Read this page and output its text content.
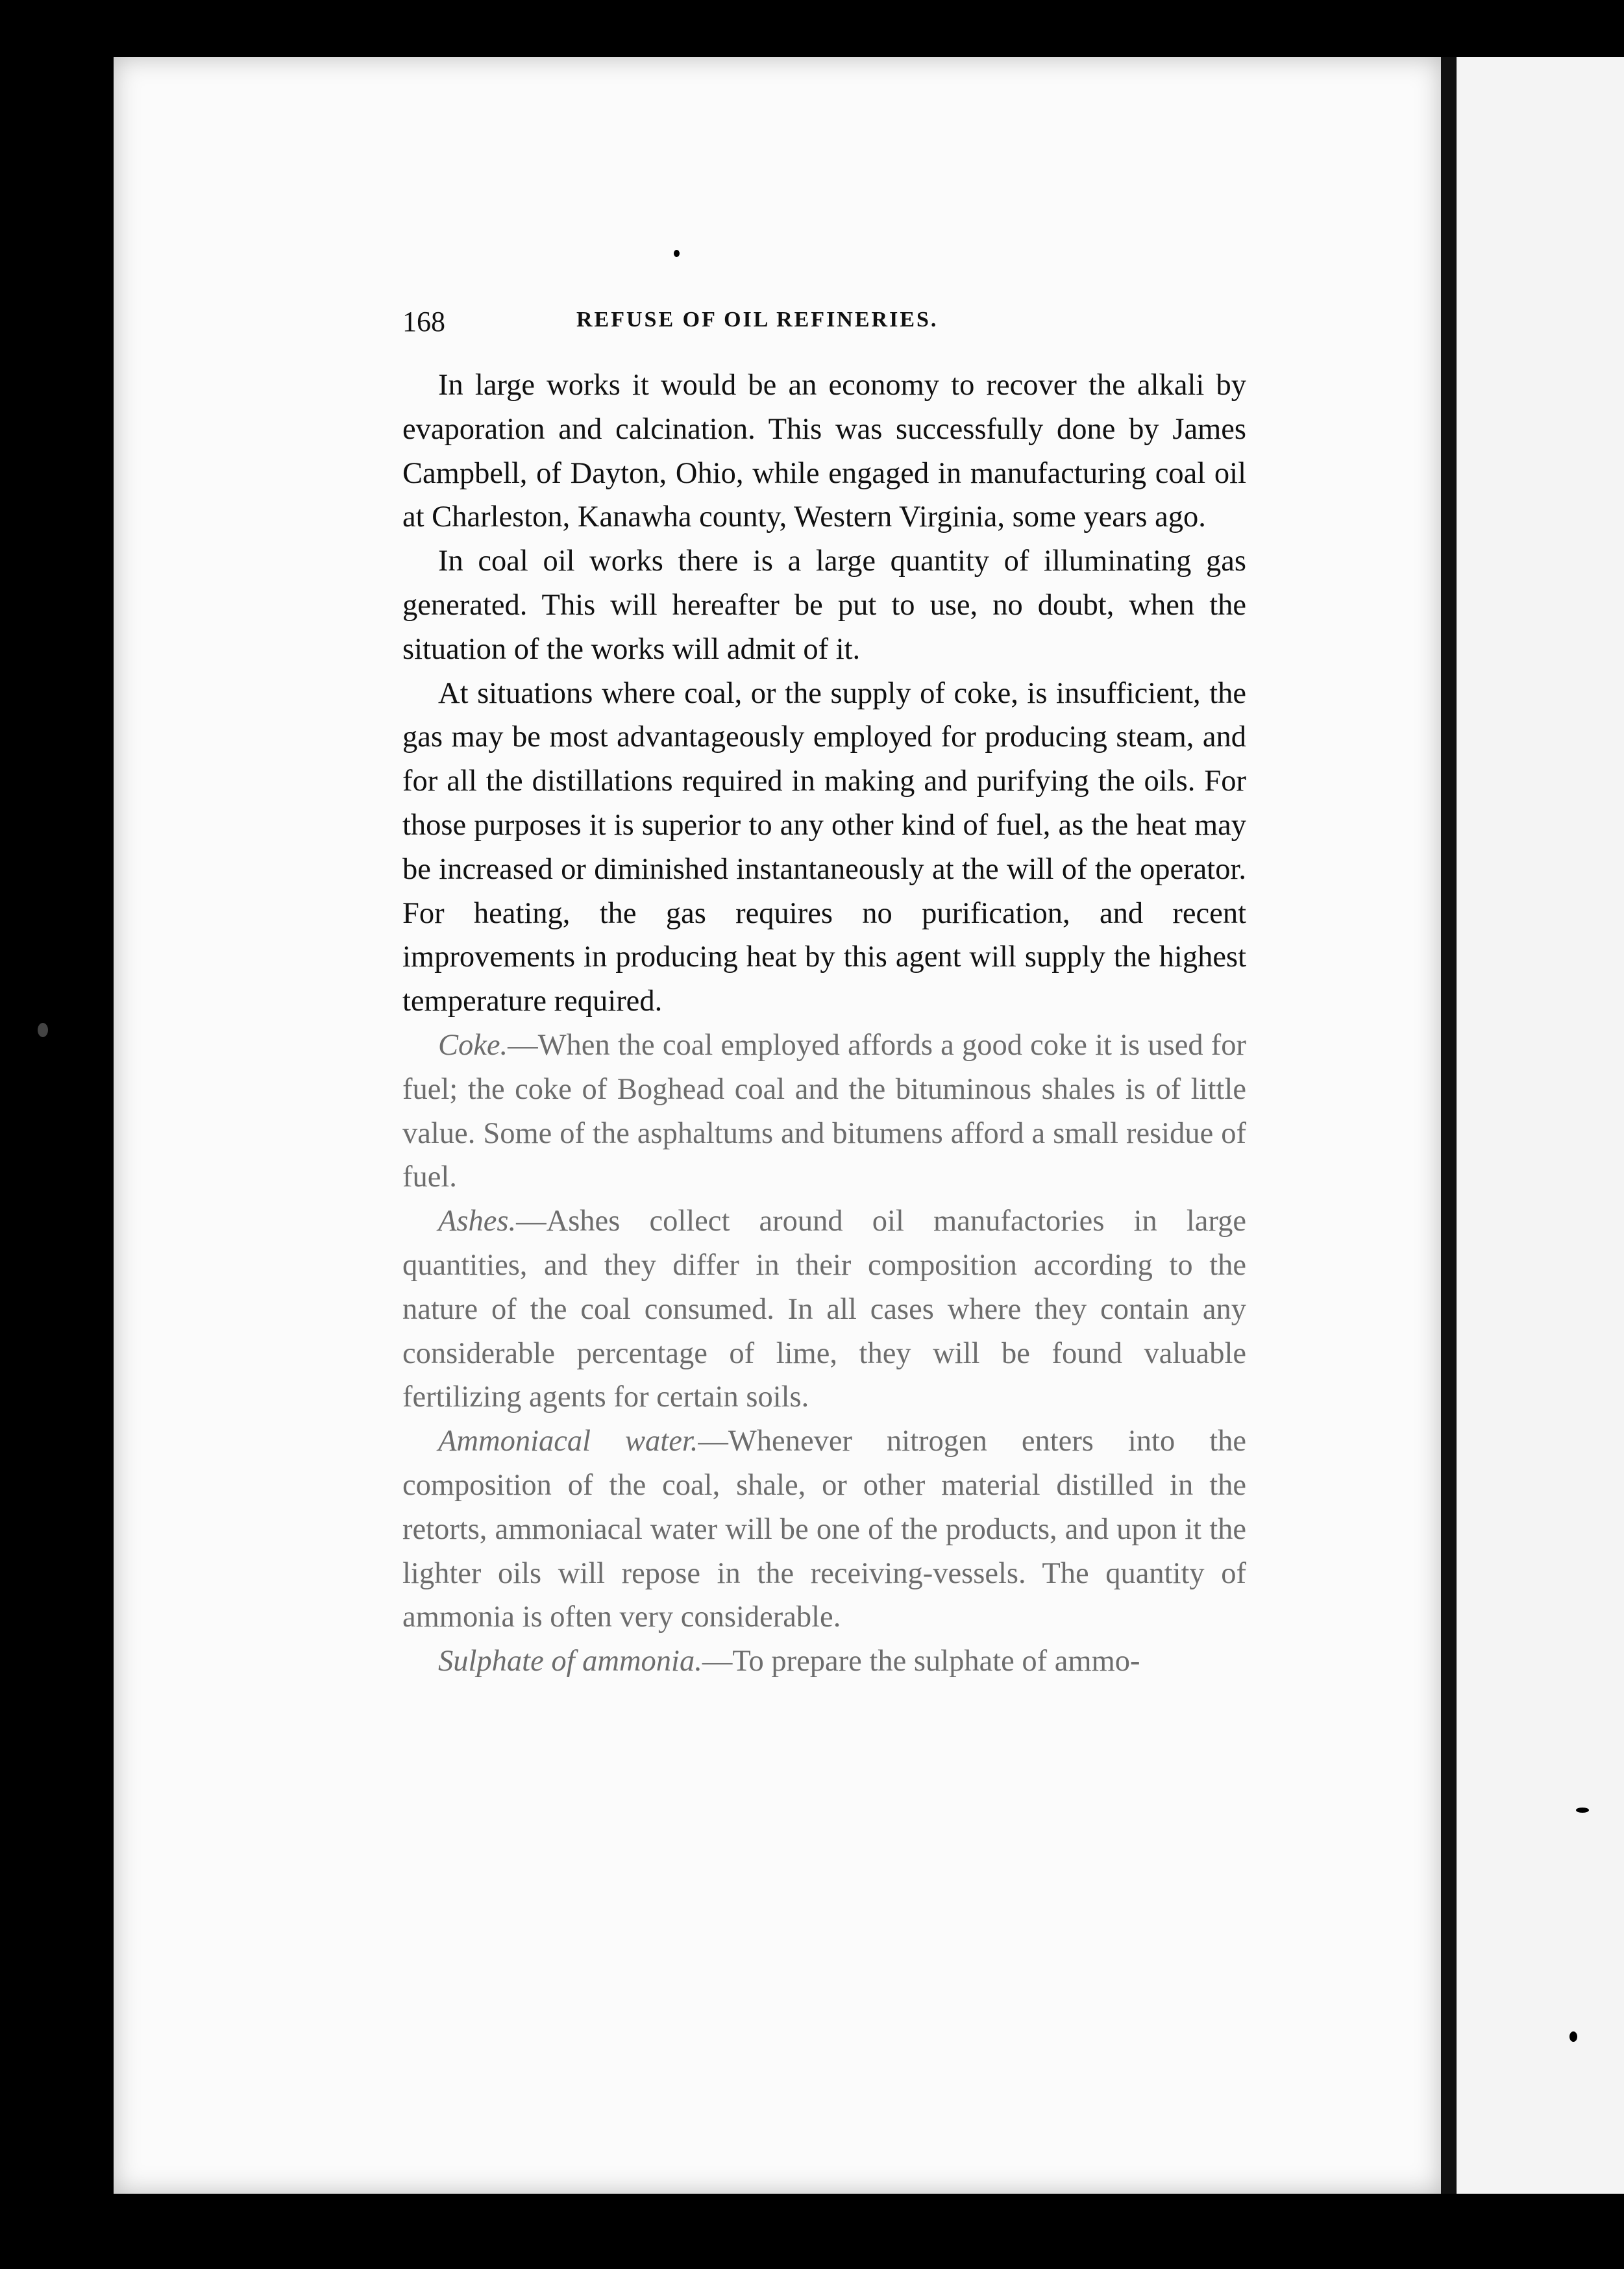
168	REFUSE OF OIL REFINERIES.

In large works it would be an economy to recover the alkali by evaporation and calcination. This was successfully done by James Campbell, of Dayton, Ohio, while engaged in manufacturing coal oil at Charleston, Kanawha county, Western Virginia, some years ago.

In coal oil works there is a large quantity of illuminating gas generated. This will hereafter be put to use, no doubt, when the situation of the works will admit of it.

At situations where coal, or the supply of coke, is insufficient, the gas may be most advantageously employed for producing steam, and for all the distillations required in making and purifying the oils. For those purposes it is superior to any other kind of fuel, as the heat may be increased or diminished instantaneously at the will of the operator. For heating, the gas requires no purification, and recent improvements in producing heat by this agent will supply the highest temperature required.

Coke.—When the coal employed affords a good coke it is used for fuel; the coke of Boghead coal and the bituminous shales is of little value. Some of the asphaltums and bitumens afford a small residue of fuel.

Ashes.—Ashes collect around oil manufactories in large quantities, and they differ in their composition according to the nature of the coal consumed. In all cases where they contain any considerable percentage of lime, they will be found valuable fertilizing agents for certain soils.

Ammoniacal water.—Whenever nitrogen enters into the composition of the coal, shale, or other material distilled in the retorts, ammoniacal water will be one of the products, and upon it the lighter oils will repose in the receiving-vessels. The quantity of ammonia is often very considerable.

Sulphate of ammonia.—To prepare the sulphate of ammo-
